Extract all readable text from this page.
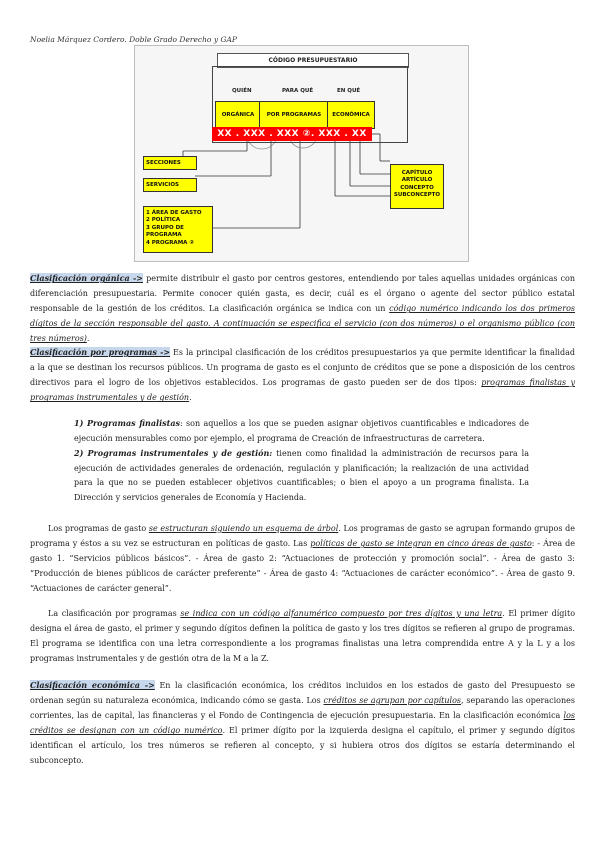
Noelia Márquez Cordero. Doble Grado Derecho y GAP
CÓDIGO PRESUPUESTARIO
QUIÉN	PARA QUÉ	EN QUÉ
ORGÁNICA	POR PROGRAMAS	ECONÓMICA
XX . XXX . XXX ②. XXX . XX
SECCIONES
SERVICIOS
1 ÁREA DE GASTO
2 POLÍTICA
3 GRUPO DE PROGRAMA
4 PROGRAMA ②
CAPÍTULO
ARTÍCULO
CONCEPTO
SUBCONCEPTO

Clasificación orgánica -> permite distribuir el gasto por centros gestores, entendiendo por tales aquellas unidades orgánicas con diferenciación presupuestaria. Permite conocer quién gasta, es decir, cuál es el órgano o agente del sector público estatal responsable de la gestión de los créditos. La clasificación orgánica se indica con un código numérico indicando los dos primeros dígitos de la sección responsable del gasto. A continuación se especifica el servicio (con dos números) o el organismo público (con tres números).

Clasificación por programas -> Es la principal clasificación de los créditos presupuestarios ya que permite identificar la finalidad a la que se destinan los recursos públicos. Un programa de gasto es el conjunto de créditos que se pone a disposición de los centros directivos para el logro de los objetivos establecidos. Los programas de gasto pueden ser de dos tipos: programas finalistas y programas instrumentales y de gestión.

1) Programas finalistas: son aquellos a los que se pueden asignar objetivos cuantificables e indicadores de ejecución mensurables como por ejemplo, el programa de Creación de infraestructuras de carretera.
2) Programas instrumentales y de gestión: tienen como finalidad la administración de recursos para la ejecución de actividades generales de ordenación, regulación y planificación; la realización de una actividad para la que no se pueden establecer objetivos cuantificables; o bien el apoyo a un programa finalista. La Dirección y servicios generales de Economía y Hacienda.

Los programas de gasto se estructuran siguiendo un esquema de árbol. Los programas de gasto se agrupan formando grupos de programa y éstos a su vez se estructuran en políticas de gasto. Las políticas de gasto se integran en cinco áreas de gasto: - Área de gasto 1. “Servicios públicos básicos”. - Área de gasto 2: “Actuaciones de protección y promoción social”. - Área de gasto 3: “Producción de bienes públicos de carácter preferente” - Área de gasto 4: “Actuaciones de carácter económico”. - Área de gasto 9. “Actuaciones de carácter general”.

La clasificación por programas se indica con un código alfanumérico compuesto por tres dígitos y una letra. El primer dígito designa el área de gasto, el primer y segundo dígitos definen la política de gasto y los tres dígitos se refieren al grupo de programas. El programa se identifica con una letra correspondiente a los programas finalistas una letra comprendida entre A y la L y a los programas instrumentales y de gestión otra de la M a la Z.

Clasificación económica -> En la clasificación económica, los créditos incluidos en los estados de gasto del Presupuesto se ordenan según su naturaleza económica, indicando cómo se gasta. Los créditos se agrupan por capítulos, separando las operaciones corrientes, las de capital, las financieras y el Fondo de Contingencia de ejecución presupuestaria. En la clasificación económica los créditos se designan con un código numérico. El primer dígito por la izquierda designa el capítulo, el primer y segundo dígitos identifican el artículo, los tres números se refieren al concepto, y si hubiera otros dos dígitos se estaría determinando el subconcepto.
